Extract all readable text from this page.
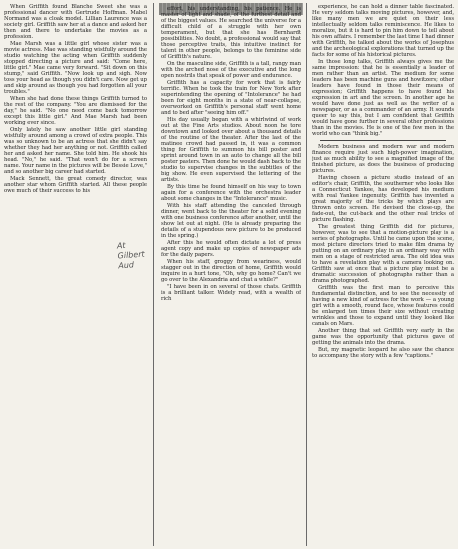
When Griffith found Blanche Sweet she was a professional dancer with Gertrude Hoffman. Mabel Normand was a cloak model. Lillian Laurence was a society girl. Griffith saw her at a dance and asked her then and there to undertake the movies as a profession.

Mae Marsh was a little girl whose sister was a movie actress. Mae was standing wistfully around the studio watching the acting when Griffith suddenly stopped directing a picture and said: "Come here, little girl." Mae came very forward. "Sit down on this stump," said Griffith. "Now look up and sigh. Now toss your head as though you didn't care. Now get up and skip around as though you had forgotten all your troubles."

When she had done these things Griffith turned to the rest of the company. "You are dismissed for the day," he said. "No one need come back tomorrow except this little girl." And Mae Marsh had been working ever since.

Only lately he saw another little girl standing wistfully around among a crowd of extra people. This was so unknown to be an actress that she didn't say whether they had her anything or not. Griffith called her and asked her name. She told him. He shook his head. "No," he said. "That won't do for a screen name. Your name in the pictures will be Bessie Love," and so another big career had started.

Mack Sennett, the great comedy director, was another star whom Griffith started. All these people owe much of their success to his

effort, his understanding, his patience. He is master of light and shade, of the furthest detail and of the biggest values. He searched the universe for a difficult child of a struggle with her own temperament, but that she has Bernhardt possibilities. No doubt, a professional would say that those perceptive traits, this intuitive instinct for talent in other people, belongs to the feminine side of Griffith's nature.

On the masculine side, Griffith is a tall, rangy man with the arched nose of the executive and the long open nostrils that speak of power and endurance.

Griffith has a capacity for work that is fairly terrific. When he took the train for New York after superintending the opening of "Intolerance" he had been for eight months in a state of near-collapse, overworked on Griffith's personal staff went home and to bed after "seeing him off."

His day usually began with a whirlwind of work out at the Fine Arts studios. About noon he tore downtown and looked over about a thousand details of the routine of the theater. After the last of the matinee crowd had passed in, it was a common thing for Griffith to summon his bill poster and sprint around town in an auto to change all the bill poster pasters. Then done he would dash back to the studio to supervise changes in the subtitles of the big show. He even supervised the lettering of the artists.

By this time he found himself on his way to town again for a conference with the orchestra leader about some changes in the "Intolerance" music.

With his staff attending the canceled through dinner, went back to the theater for a solid evening with one business conference after another, until the show let out at night. (He is already preparing the details of a stupendous new picture to be produced in the spring.)

After this he would often dictate a lot of press agent copy and make up copies of newspaper ads for the daily papers.

When his staff, groggy from weariness, would stagger out in the direction of home, Griffith would inquire in a hurt tone, "Oh, why go home? Can't we go over to the Alexandria and chat a while?"

"I have been in on several of those chats. Griffith is a brilliant talker. Widely read, with a wealth of rich

experience, he can hold a dinner table fascinated. He very seldom talks moving pictures, however, and, like many men we are quiet on their less intellectually seldom talks reminiscence. He likes to moralize, but it is hard to pin him down to tell about his own affairs. I remember the last time I had dinner with Griffith, he talked about the works of Josephus and the archeological explorations that turned up the facts for some of his historical pictures.

In those long talks, Griffith always gives me the same impression: that he is essentially a leader of men rather than an artist. The medium for some leaders has been machine guns and howitzers; other leaders have found in those their means of expression; Griffith happens to have found his expression in art and the screen. In another age he would have done just as well as the writer of a newspaper, or as a commander of an army. It sounds queer to say this, but I am confident that Griffith would have gone further in several other professions than in the movies. He is one of the few men in the world who can "think big."

Modern business and modern war and modern finance require just such high-power imagination, just as much ability to see a magnified image of the finished picture, as does the business of producing pictures.

Having chosen a picture studio instead of an editor's chair, Griffith, the southerner who looks like a Connecticut Yankee, has developed his medium with real Yankee ingenuity. Griffith has invented a great majority of the tricks by which plays are thrown onto screen. He devised the close-up, the fade-out, the cut-back and the other real tricks of picture flashing.

The greatest thing Griffith did for pictures, however, was to see that a motion-picture play is a series of photographs. Until he came upon the scene, most picture directors tried to make film drama by putting on an ordinary play in an ordinary way with men on a stage of restricted area. The old idea was to have a revelation play with a camera looking on. Griffith saw at once that a picture play must be a dramatic succession of photographs rather than a drama photographed.

Griffith was the first man to perceive this fundamental distinction, and to see the necessity of having a new kind of actress for the work — a young girl with a smooth, round face, whose features could be enlarged ten times their size without creating wrinkles and those to expand until they looked like canals on Mars.

Another thing that set Griffith very early in the game was the opportunity that pictures gave of getting the animals into the drama.

But, my magnetic leopard he also saw the chance to accompany the story with a few "captions."

At
Gilbert
Aud
